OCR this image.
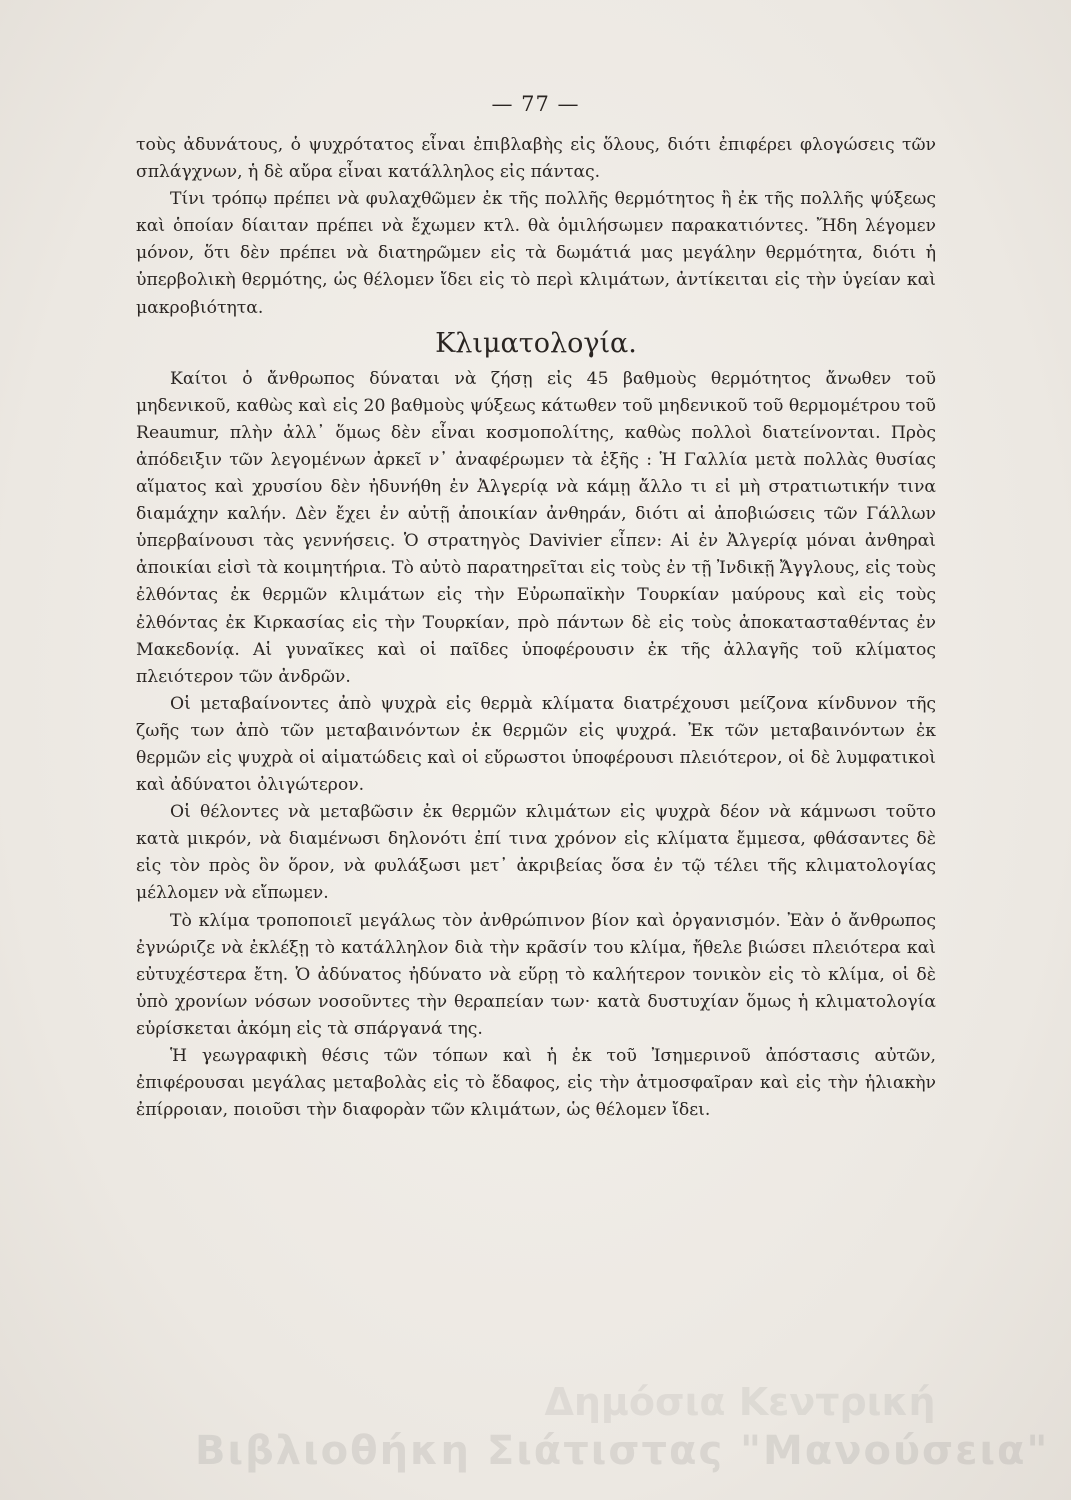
— 77 —

τοὺς ἀδυνάτους, ὁ ψυχρότατος εἶναι ἐπιβλαβὴς εἰς ὅλους, διότι ἐπιφέρει φλογώσεις τῶν σπλάγχνων, ἡ δὲ αὔρα εἶναι κατάλληλος εἰς πάντας.

Τίνι τρόπῳ πρέπει νὰ φυλαχθῶμεν ἐκ τῆς πολλῆς θερμότητος ἢ ἐκ τῆς πολλῆς ψύξεως καὶ ὁποίαν δίαιταν πρέπει νὰ ἔχωμεν κτλ. θὰ ὁμιλήσωμεν παρακατιόντες. Ἤδη λέγομεν μόνον, ὅτι δὲν πρέπει νὰ διατηρῶμεν εἰς τὰ δωμάτιά μας μεγάλην θερμότητα, διότι ἡ ὑπερβολικὴ θερμότης, ὡς θέλομεν ἴδει εἰς τὸ περὶ κλιμάτων, ἀντίκειται εἰς τὴν ὑγείαν καὶ μακροβιότητα.

Κλιματολογία.

Καίτοι ὁ ἄνθρωπος δύναται νὰ ζήσῃ εἰς 45 βαθμοὺς θερμότητος ἄνωθεν τοῦ μηδενικοῦ, καθὼς καὶ εἰς 20 βαθμοὺς ψύξεως κάτωθεν τοῦ μηδενικοῦ τοῦ θερμομέτρου τοῦ Reaumur, πλὴν ἀλλ᾽ ὅμως δὲν εἶναι κοσμοπολίτης, καθὼς πολλοὶ διατείνονται. Πρὸς ἀπόδειξιν τῶν λεγομένων ἀρκεῖ ν᾽ ἀναφέρωμεν τὰ ἑξῆς : Ἡ Γαλλία μετὰ πολλὰς θυσίας αἵματος καὶ χρυσίου δὲν ἠδυνήθη ἐν Ἀλγερίᾳ νὰ κάμῃ ἄλλο τι εἰ μὴ στρατιωτικήν τινα διαμάχην καλήν. Δὲν ἔχει ἐν αὐτῇ ἀποικίαν ἀνθηράν, διότι αἱ ἀποβιώσεις τῶν Γάλλων ὑπερβαίνουσι τὰς γεννήσεις. Ὁ στρατηγὸς Davivier εἶπεν: Αἱ ἐν Ἀλγερίᾳ μόναι ἀνθηραὶ ἀποικίαι εἰσὶ τὰ κοιμητήρια. Τὸ αὐτὸ παρατηρεῖται εἰς τοὺς ἐν τῇ Ἰνδικῇ Ἄγγλους, εἰς τοὺς ἐλθόντας ἐκ θερμῶν κλιμάτων εἰς τὴν Εὐρωπαϊκὴν Τουρκίαν μαύρους καὶ εἰς τοὺς ἐλθόντας ἐκ Κιρκασίας εἰς τὴν Τουρκίαν, πρὸ πάντων δὲ εἰς τοὺς ἀποκατασταθέντας ἐν Μακεδονίᾳ. Αἱ γυναῖκες καὶ οἱ παῖδες ὑποφέρουσιν ἐκ τῆς ἀλλαγῆς τοῦ κλίματος πλειότερον τῶν ἀνδρῶν.

Οἱ μεταβαίνοντες ἀπὸ ψυχρὰ εἰς θερμὰ κλίματα διατρέχουσι μείζονα κίνδυνον τῆς ζωῆς των ἀπὸ τῶν μεταβαινόντων ἐκ θερμῶν εἰς ψυχρά. Ἐκ τῶν μεταβαινόντων ἐκ θερμῶν εἰς ψυχρὰ οἱ αἱματώδεις καὶ οἱ εὔρωστοι ὑποφέρουσι πλειότερον, οἱ δὲ λυμφατικοὶ καὶ ἀδύνατοι ὀλιγώτερον.

Οἱ θέλοντες νὰ μεταβῶσιν ἐκ θερμῶν κλιμάτων εἰς ψυχρὰ δέον νὰ κάμνωσι τοῦτο κατὰ μικρόν, νὰ διαμένωσι δηλονότι ἐπί τινα χρόνον εἰς κλίματα ἔμμεσα, φθάσαντες δὲ εἰς τὸν πρὸς ὃν ὅρον, νὰ φυλάξωσι μετ᾽ ἀκριβείας ὅσα ἐν τῷ τέλει τῆς κλιματολογίας μέλλομεν νὰ εἴπωμεν.

Τὸ κλίμα τροποποιεῖ μεγάλως τὸν ἀνθρώπινον βίον καὶ ὀργανισμόν. Ἐὰν ὁ ἄνθρωπος ἐγνώριζε νὰ ἐκλέξῃ τὸ κατάλληλον διὰ τὴν κρᾶσίν του κλίμα, ἤθελε βιώσει πλειότερα καὶ εὐτυχέστερα ἔτη. Ὁ ἀδύνατος ἠδύνατο νὰ εὕρῃ τὸ καλήτερον τονικὸν εἰς τὸ κλίμα, οἱ δὲ ὑπὸ χρονίων νόσων νοσοῦντες τὴν θεραπείαν των· κατὰ δυστυχίαν ὅμως ἡ κλιματολογία εὑρίσκεται ἀκόμη εἰς τὰ σπάργανά της.

Ἡ γεωγραφικὴ θέσις τῶν τόπων καὶ ἡ ἐκ τοῦ Ἰσημερινοῦ ἀπόστασις αὐτῶν, ἐπιφέρουσαι μεγάλας μεταβολὰς εἰς τὸ ἔδαφος, εἰς τὴν ἀτμοσφαῖραν καὶ εἰς τὴν ἡλιακὴν ἐπίρροιαν, ποιοῦσι τὴν διαφορὰν τῶν κλιμάτων, ὡς θέλομεν ἴδει.

Δημόσια Κεντρική
Βιβλιοθήκη Σιάτιστας "Μανούσεια"
